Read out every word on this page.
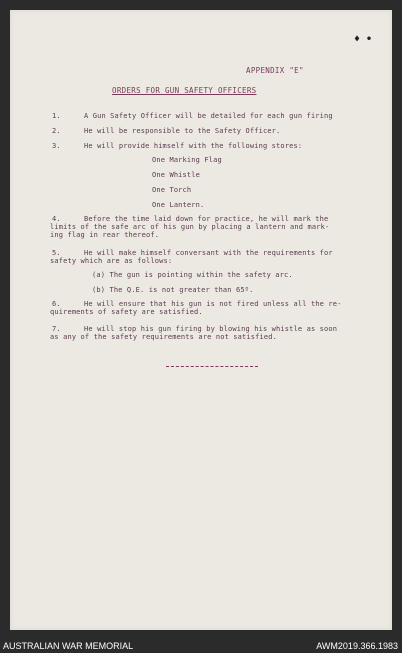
♦ •
APPENDIX "E"
ORDERS FOR GUN SAFETY OFFICERS
1.	A Gun Safety Officer will be detailed for each gun firing
2.	He will be responsible to the Safety Officer.
3.	He will provide himself with the following stores:
One Marking Flag
One Whistle
One Torch
One Lantern.
4.	Before the time laid down for practice, he will mark the
limits of the safe arc of his gun by placing a lantern and mark-
ing flag in rear thereof.
5.	He will make himself conversant with the requirements for
safety which are as follows:
(a) The gun is pointing within the safety arc.
(b) The Q.E. is not greater than 65º.
6.	He will ensure that his gun is not fired unless all the re-
quirements of safety are satisfied.
7.	He will stop his gun firing by blowing his whistle as soon
as any of the safety requirements are not satisfied.
AUSTRALIAN WAR MEMORIAL	AWM2019.366.1983
